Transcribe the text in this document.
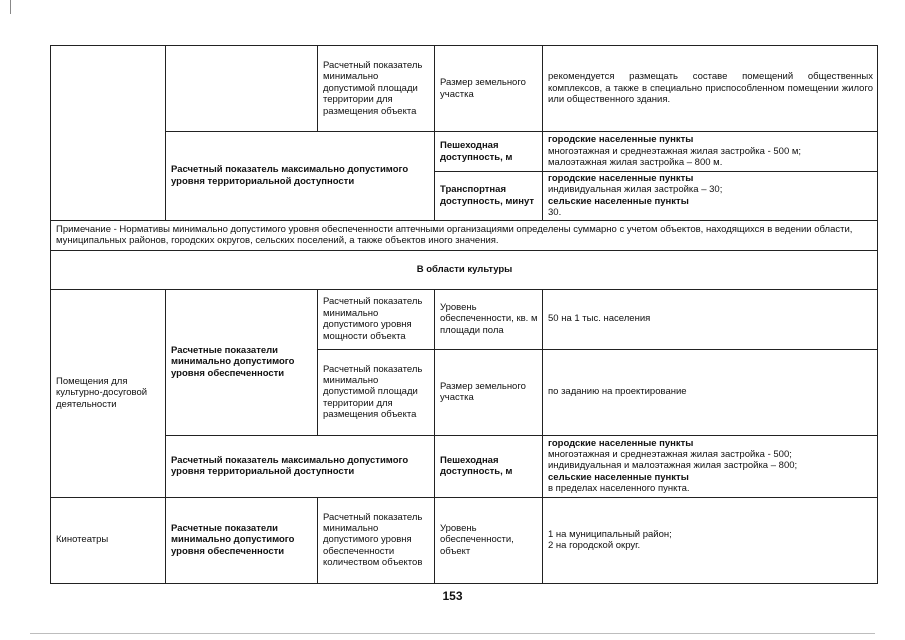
		Расчетный показатель минимально допустимой площади территории для размещения объекта	Размер земельного участка	рекомендуется размещать составе помещений общественных комплексов, а также в специально приспособленном помещении жилого или общественного здания.
	Расчетный показатель максимально допустимого уровня территориальной доступности		Пешеходная доступность, м	городские населенные пункты
многоэтажная и среднеэтажная жилая застройка - 500 м;
малоэтажная жилая застройка – 800 м.

			Транспортная доступность, минут	городские населенные пункты
индивидуальная жилая застройка – 30;
сельские населенные пункты
30.

Примечание - Нормативы минимально допустимого уровня обеспеченности аптечными организациями определены суммарно с учетом объектов, находящихся в ведении области, муниципальных районов, городских округов, сельских поселений, а также объектов иного значения.				
В области культуры				
Помещения для культурно-досуговой деятельности	Расчетные показатели минимально допустимого уровня обеспеченности	Расчетный показатель минимально допустимого уровня мощности объекта	Уровень обеспеченности, кв. м площади пола	50 на 1 тыс. населения
		Расчетный показатель минимально допустимой площади территории для размещения объекта	Размер земельного участка	по заданию на проектирование
	Расчетный показатель максимально допустимого уровня территориальной доступности		Пешеходная доступность, м	городские населенные пункты
многоэтажная и среднеэтажная жилая застройка - 500;
индивидуальная и малоэтажная жилая застройка – 800;
сельские населенные пункты
в пределах населенного пункта.

Кинотеатры	Расчетные показатели минимально допустимого уровня обеспеченности	Расчетный показатель минимально допустимого уровня обеспеченности количеством объектов	Уровень обеспеченности, объект	1 на муниципальный район;
2 на городской округ.
153
